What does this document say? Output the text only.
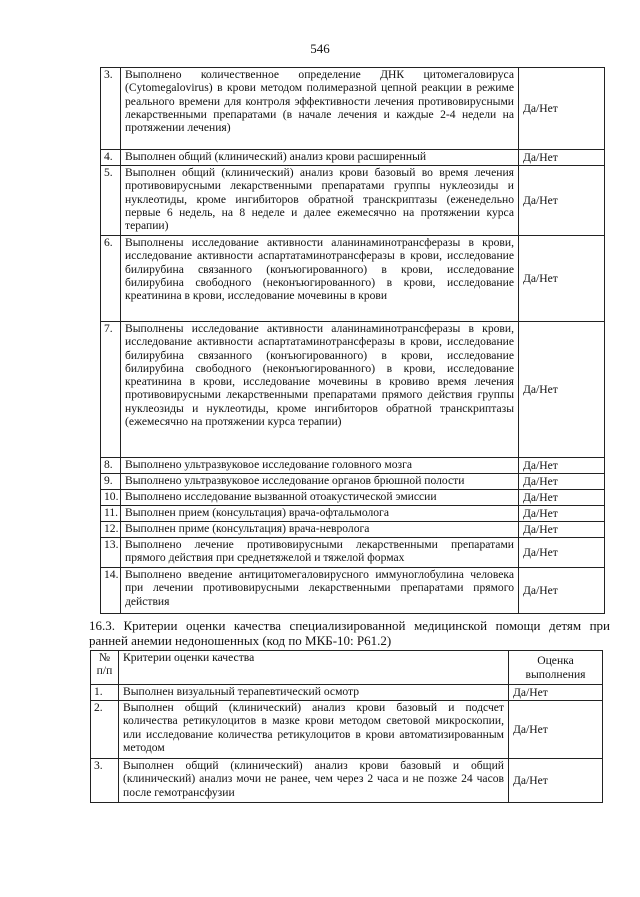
546
3.	Выполнено количественное определение ДНК цитомегаловируса (Cytomegalovirus) в крови методом полимеразной цепной реакции в режиме реального времени для контроля эффективности лечения противовирусными лекарственными препаратами (в начале лечения и каждые 2-4 недели на протяжении лечения)	Да/Нет
4.	Выполнен общий (клинический) анализ крови расширенный	Да/Нет
5.	Выполнен общий (клинический) анализ крови базовый во время лечения противовирусными лекарственными препаратами группы нуклеозиды и нуклеотиды, кроме ингибиторов обратной транскриптазы (еженедельно первые 6 недель, на 8 неделе и далее ежемесячно на протяжении курса терапии)	Да/Нет
6.	Выполнены исследование активности аланинаминотрансферазы в крови, исследование активности аспартатаминотрансферазы в крови, исследование билирубина связанного (конъюгированного) в крови, исследование билирубина свободного (неконъюгированного) в крови, исследование креатинина в крови, исследование мочевины в крови	Да/Нет
7.	Выполнены исследование активности аланинаминотрансферазы в крови, исследование активности аспартатаминотрансферазы в крови, исследование билирубина связанного (конъюгированного) в крови, исследование билирубина свободного (неконъюгированного) в крови, исследование креатинина в крови, исследование мочевины в кровиво время лечения противовирусными лекарственными препаратами прямого действия группы нуклеозиды и нуклеотиды, кроме ингибиторов обратной транскриптазы (ежемесячно на протяжении курса терапии)	Да/Нет
8.	Выполнено ультразвуковое исследование головного мозга	Да/Нет
9.	Выполнено ультразвуковое исследование органов брюшной полости	Да/Нет
10.	Выполнено исследование вызванной отоакустической эмиссии	Да/Нет
11.	Выполнен прием (консультация) врача-офтальмолога	Да/Нет
12.	Выполнен приме (консультация) врача-невролога	Да/Нет
13.	Выполнено лечение противовирусными лекарственными препаратами прямого действия при среднетяжелой и тяжелой формах	Да/Нет
14.	Выполнено введение антицитомегаловирусного иммуноглобулина человека при лечении противовирусными лекарственными препаратами прямого действия	Да/Нет
16.3. Критерии оценки качества специализированной медицинской помощи детям при ранней анемии недоношенных (код по МКБ-10: P61.2)
№ п/п	Критерии оценки качества	Оценка выполнения
1.	Выполнен визуальный терапевтический осмотр	Да/Нет
2.	Выполнен общий (клинический) анализ крови базовый и подсчет количества ретикулоцитов в мазке крови методом световой микроскопии, или исследование количества ретикулоцитов в крови автоматизированным методом	Да/Нет
3.	Выполнен общий (клинический) анализ крови базовый и общий (клинический) анализ мочи не ранее, чем через 2 часа и не позже 24 часов после гемотрансфузии	Да/Нет
